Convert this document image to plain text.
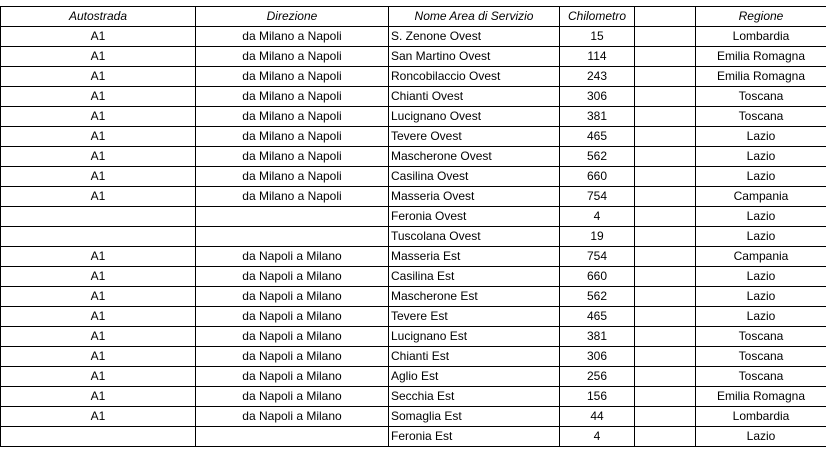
Autostrada	Direzione	Nome Area di Servizio	Chilometro		Regione
A1	da Milano a Napoli	S. Zenone Ovest	15		Lombardia
A1	da Milano a Napoli	San Martino Ovest	114		Emilia Romagna
A1	da Milano a Napoli	Roncobilaccio Ovest	243		Emilia Romagna
A1	da Milano a Napoli	Chianti Ovest	306		Toscana
A1	da Milano a Napoli	Lucignano Ovest	381		Toscana
A1	da Milano a Napoli	Tevere Ovest	465		Lazio
A1	da Milano a Napoli	Mascherone Ovest	562		Lazio
A1	da Milano a Napoli	Casilina Ovest	660		Lazio
A1	da Milano a Napoli	Masseria Ovest	754		Campania
		Feronia Ovest	4		Lazio
		Tuscolana Ovest	19		Lazio
A1	da Napoli a Milano	Masseria Est	754		Campania
A1	da Napoli a Milano	Casilina Est	660		Lazio
A1	da Napoli a Milano	Mascherone Est	562		Lazio
A1	da Napoli a Milano	Tevere Est	465		Lazio
A1	da Napoli a Milano	Lucignano Est	381		Toscana
A1	da Napoli a Milano	Chianti Est	306		Toscana
A1	da Napoli a Milano	Aglio Est	256		Toscana
A1	da Napoli a Milano	Secchia Est	156		Emilia Romagna
A1	da Napoli a Milano	Somaglia Est	44		Lombardia
		Feronia Est	4		Lazio
